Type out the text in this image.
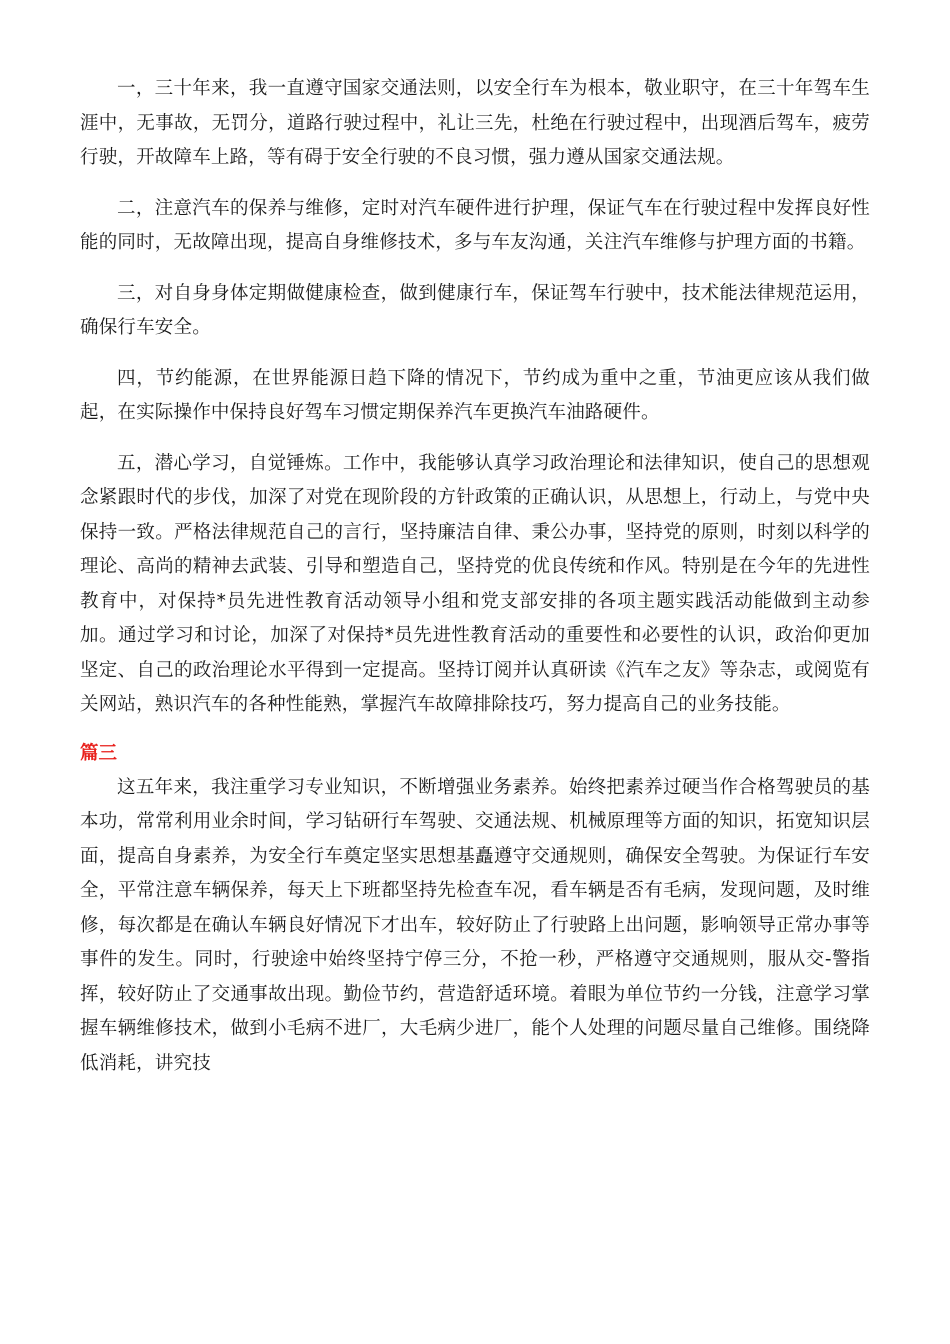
一，三十年来，我一直遵守国家交通法则，以安全行车为根本，敬业职守，在三十年驾车生涯中，无事故，无罚分，道路行驶过程中，礼让三先，杜绝在行驶过程中，出现酒后驾车，疲劳行驶，开故障车上路，等有碍于安全行驶的不良习惯，强力遵从国家交通法规。

二，注意汽车的保养与维修，定时对汽车硬件进行护理，保证气车在行驶过程中发挥良好性能的同时，无故障出现，提高自身维修技术，多与车友沟通，关注汽车维修与护理方面的书籍。

三，对自身身体定期做健康检查，做到健康行车，保证驾车行驶中，技术能法律规范运用，确保行车安全。

四，节约能源，在世界能源日趋下降的情况下，节约成为重中之重，节油更应该从我们做起，在实际操作中保持良好驾车习惯定期保养汽车更换汽车油路硬件。

五，潜心学习，自觉锤炼。工作中，我能够认真学习政治理论和法律知识，使自己的思想观念紧跟时代的步伐，加深了对党在现阶段的方针政策的正确认识，从思想上，行动上，与党中央保持一致。严格法律规范自己的言行，坚持廉洁自律、秉公办事，坚持党的原则，时刻以科学的理论、高尚的精神去武装、引导和塑造自己，坚持党的优良传统和作风。特别是在今年的先进性教育中，对保持*员先进性教育活动领导小组和党支部安排的各项主题实践活动能做到主动参加。通过学习和讨论，加深了对保持*员先进性教育活动的重要性和必要性的认识，政治仰更加坚定、自己的政治理论水平得到一定提高。坚持订阅并认真研读《汽车之友》等杂志，或阅览有关网站，熟识汽车的各种性能熟，掌握汽车故障排除技巧，努力提高自己的业务技能。

篇三

这五年来，我注重学习专业知识，不断增强业务素养。始终把素养过硬当作合格驾驶员的基本功，常常利用业余时间，学习钻研行车驾驶、交通法规、机械原理等方面的知识，拓宽知识层面，提高自身素养，为安全行车奠定坚实思想基矗遵守交通规则，确保安全驾驶。为保证行车安全，平常注意车辆保养，每天上下班都坚持先检查车况，看车辆是否有毛病，发现问题，及时维修，每次都是在确认车辆良好情况下才出车，较好防止了行驶路上出问题，影响领导正常办事等事件的发生。同时，行驶途中始终坚持宁停三分，不抢一秒，严格遵守交通规则，服从交-警指挥，较好防止了交通事故出现。勤俭节约，营造舒适环境。着眼为单位节约一分钱，注意学习掌握车辆维修技术，做到小毛病不进厂，大毛病少进厂，能个人处理的问题尽量自己维修。围绕降低消耗，讲究技
